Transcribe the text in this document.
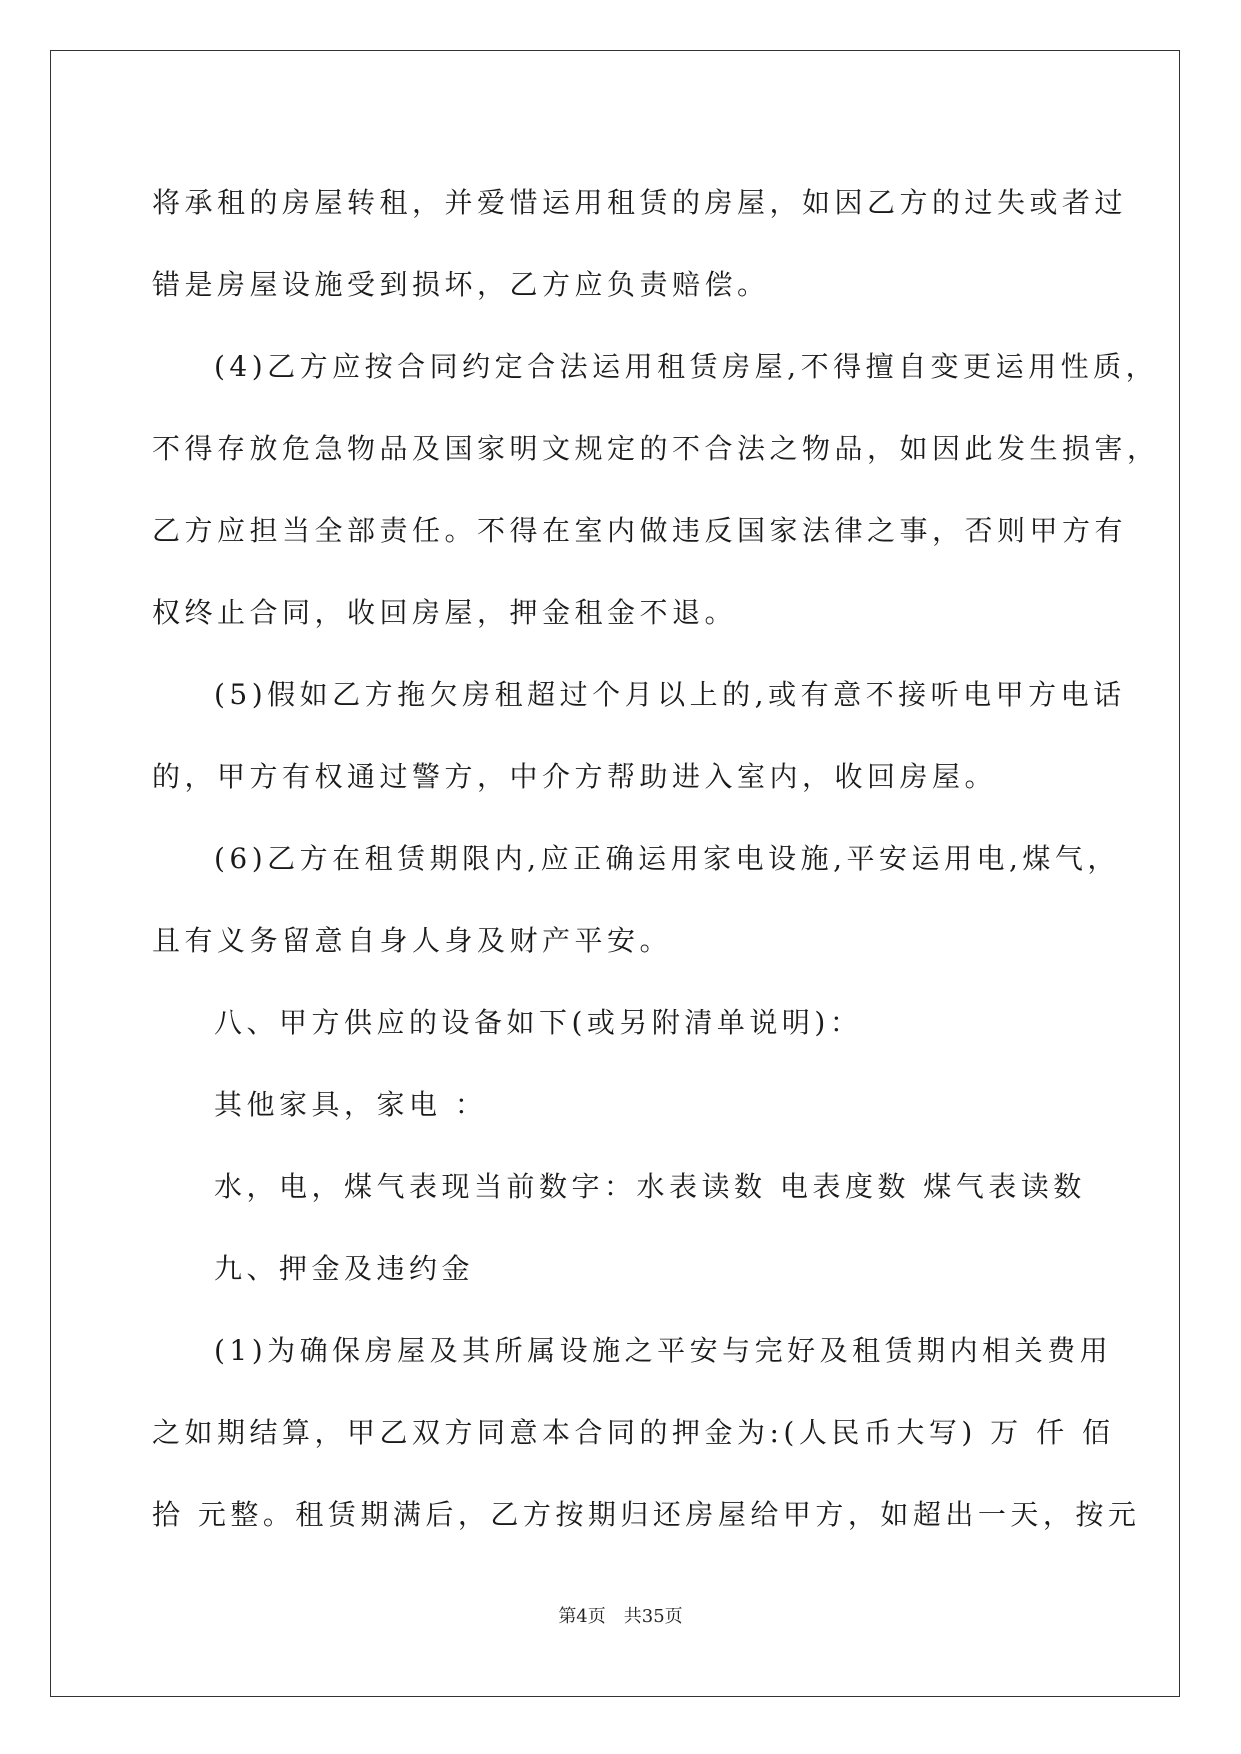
将承租的房屋转租，并爱惜运用租赁的房屋，如因乙方的过失或者过
错是房屋设施受到损坏，乙方应负责赔偿。
(4)乙方应按合同约定合法运用租赁房屋,不得擅自变更运用性质，
不得存放危急物品及国家明文规定的不合法之物品，如因此发生损害，
乙方应担当全部责任。不得在室内做违反国家法律之事，否则甲方有
权终止合同，收回房屋，押金租金不退。
(5)假如乙方拖欠房租超过个月以上的,或有意不接听电甲方电话
的，甲方有权通过警方，中介方帮助进入室内，收回房屋。
(6)乙方在租赁期限内,应正确运用家电设施,平安运用电,煤气，
且有义务留意自身人身及财产平安。
八、甲方供应的设备如下(或另附清单说明)：
其他家具，家电 ：
水，电，煤气表现当前数字：水表读数 电表度数 煤气表读数
九、押金及违约金
(1)为确保房屋及其所属设施之平安与完好及租赁期内相关费用
之如期结算，甲乙双方同意本合同的押金为:(人民币大写) 万 仟 佰
拾 元整。租赁期满后，乙方按期归还房屋给甲方，如超出一天，按元
第4页　共35页
